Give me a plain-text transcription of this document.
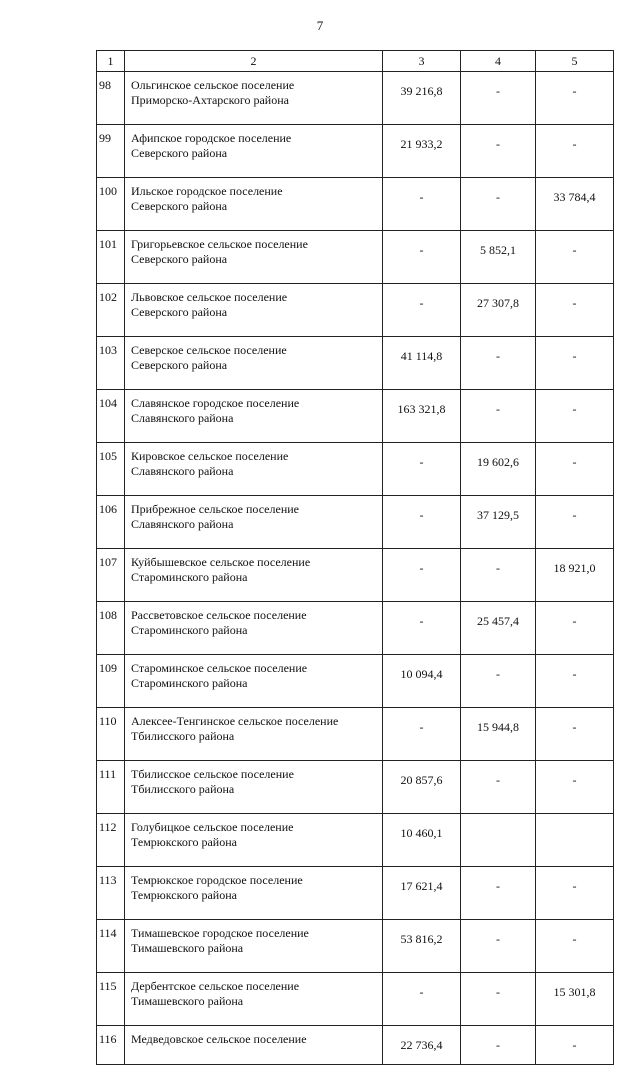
7
1	2	3	4	5
98	Ольгинское сельское поселение
Приморско-Ахтарского района	39 216,8	-	-
99	Афипское городское поселение
Северского района	21 933,2	-	-
100	Ильское городское поселение
Северского района	-	-	33 784,4
101	Григорьевское сельское поселение
Северского района	-	5 852,1	-
102	Львовское сельское поселение
Северского района	-	27 307,8	-
103	Северское сельское поселение
Северского района	41 114,8	-	-
104	Славянское городское поселение
Славянского района	163 321,8	-	-
105	Кировское сельское поселение
Славянского района	-	19 602,6	-
106	Прибрежное сельское поселение
Славянского района	-	37 129,5	-
107	Куйбышевское сельское поселение
Староминского района	-	-	18 921,0
108	Рассветовское сельское поселение
Староминского района	-	25 457,4	-
109	Староминское сельское поселение
Староминского района	10 094,4	-	-
110	Алексее-Тенгинское сельское поселение
Тбилисского района	-	15 944,8	-
111	Тбилисское сельское поселение
Тбилисского района	20 857,6	-	-
112	Голубицкое сельское поселение
Темрюкского района	10 460,1		
113	Темрюкское городское поселение
Темрюкского района	17 621,4	-	-
114	Тимашевское городское поселение
Тимашевского района	53 816,2	-	-
115	Дербентское сельское поселение
Тимашевского района	-	-	15 301,8
116	Медведовское сельское поселение	22 736,4	-	-
